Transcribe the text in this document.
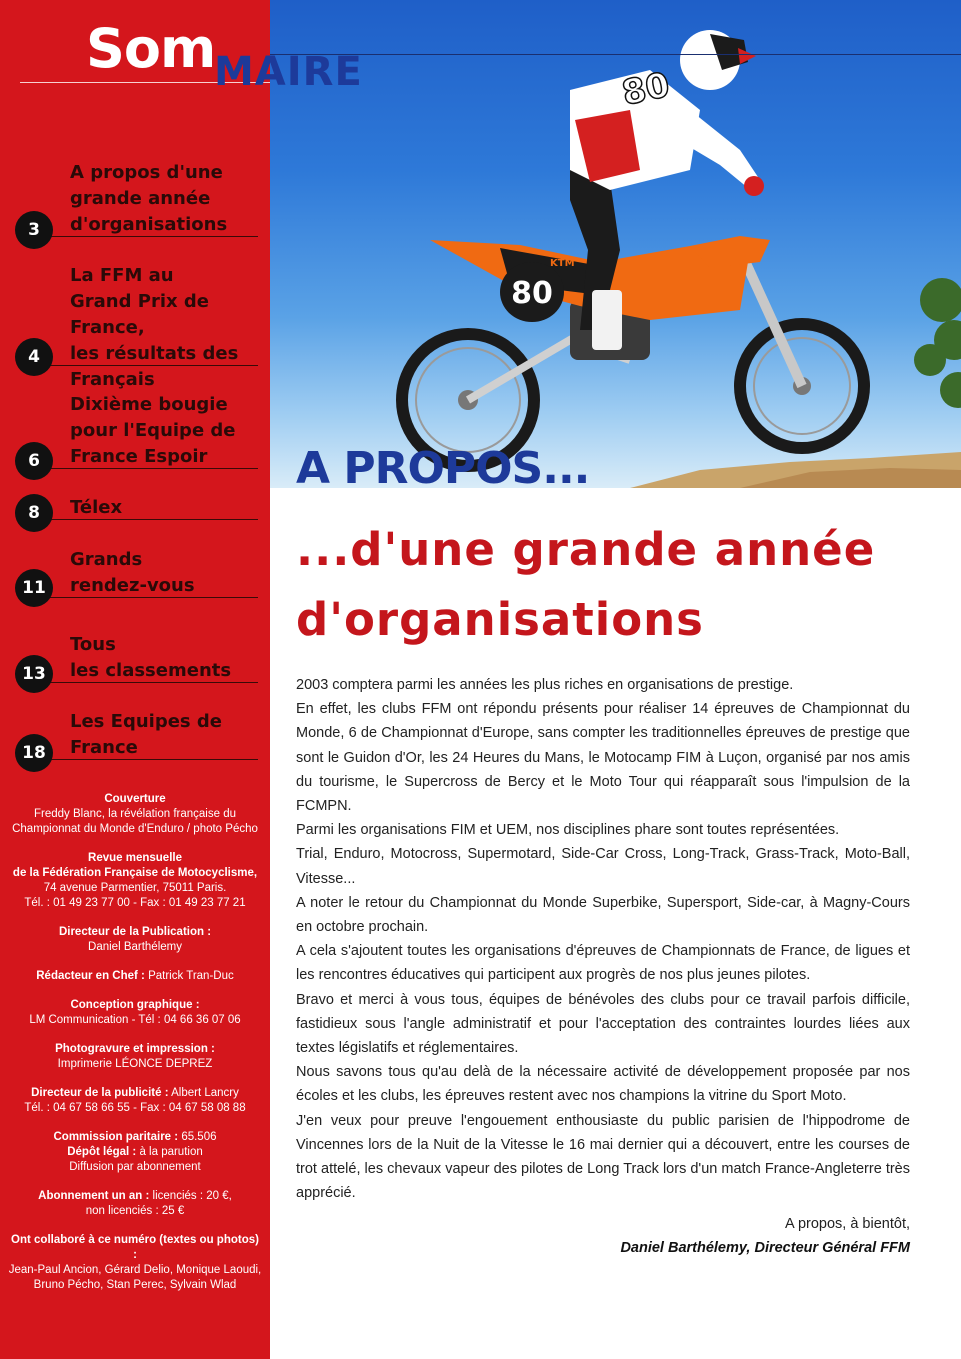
Som
A propos d'une
grande année
d'organisations
3
La FFM au
Grand Prix de France,
les résultats des
Français
4
Dixième bougie
pour l'Equipe de
France Espoir
6
Télex
8
Grands
rendez-vous
11
Tous
les classements
13
Les Equipes de
France
18
Couverture
Freddy Blanc, la révélation française du Championnat du Monde d'Enduro / photo Pécho
Revue mensuelle
de la Fédération Française de Motocyclisme,
74 avenue Parmentier, 75011 Paris.
Tél. : 01 49 23 77 00 - Fax : 01 49 23 77 21
Directeur de la Publication :
Daniel Barthélemy
Rédacteur en Chef : Patrick Tran-Duc
Conception graphique :
LM Communication - Tél : 04 66 36 07 06
Photogravure et impression :
Imprimerie LÉONCE DEPREZ
Directeur de la publicité : Albert Lancry
Tél. : 04 67 58 66 55 - Fax : 04 67 58 08 88
Commission paritaire : 65.506
Dépôt légal : à la parution
Diffusion par abonnement
Abonnement un an : licenciés : 20 €,
non licenciés : 25 €
Ont collaboré à ce numéro (textes ou photos) :
Jean-Paul Ancion, Gérard Delio, Monique Laoudi, Bruno Pécho, Stan Perec, Sylvain Wlad
80
KTM
80
MAIRE
A PROPOS...
...d'une grande année
d'organisations

2003 comptera parmi les années les plus riches en organisations de prestige.

En effet, les clubs FFM ont répondu présents pour réaliser 14 épreuves de Championnat du Monde, 6 de Championnat d'Europe, sans compter les traditionnelles épreuves de prestige que sont le Guidon d'Or, les 24 Heures du Mans, le Motocamp FIM à Luçon, organisé par nos amis du tourisme, le Supercross de Bercy et le Moto Tour qui réapparaît sous l'impulsion de la FCMPN.

Parmi les organisations FIM et UEM, nos disciplines phare sont toutes représentées.

Trial, Enduro, Motocross, Supermotard, Side-Car Cross, Long-Track, Grass-Track, Moto-Ball, Vitesse...

A noter le retour du Championnat du Monde Superbike, Supersport, Side-car, à Magny-Cours en octobre prochain.

A cela s'ajoutent toutes les organisations d'épreuves de Championnats de France, de ligues et les rencontres éducatives qui participent aux progrès de nos plus jeunes pilotes.

Bravo et merci à vous tous, équipes de bénévoles des clubs pour ce travail parfois difficile, fastidieux sous l'angle administratif et pour l'acceptation des contraintes lourdes liées aux textes législatifs et réglementaires.

Nous savons tous qu'au delà de la nécessaire activité de développement proposée par nos écoles et les clubs, les épreuves restent avec nos champions la vitrine du Sport Moto.

J'en veux pour preuve l'engouement enthousiaste du public parisien de l'hippodrome de Vincennes lors de la Nuit de la Vitesse le 16 mai dernier qui a découvert, entre les courses de trot attelé, les chevaux vapeur des pilotes de Long Track lors d'un match France-Angleterre très apprécié.

A propos, à bientôt,
Daniel Barthélemy, Directeur Général FFM
